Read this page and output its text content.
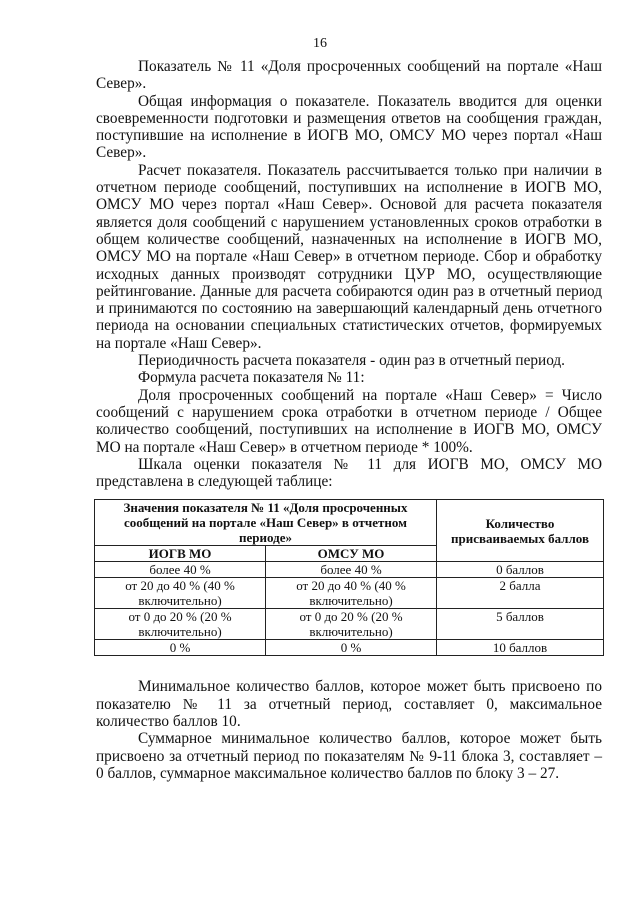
16

Показатель № 11 «Доля просроченных сообщений на портале «Наш Север».

Общая информация о показателе. Показатель вводится для оценки своевременности подготовки и размещения ответов на сообщения граждан, поступившие на исполнение в ИОГВ МО, ОМСУ МО через портал «Наш Север».

Расчет показателя. Показатель рассчитывается только при наличии в отчетном периоде сообщений, поступивших на исполнение в ИОГВ МО, ОМСУ МО через портал «Наш Север». Основой для расчета показателя является доля сообщений с нарушением установленных сроков отработки в общем количестве сообщений, назначенных на исполнение в ИОГВ МО, ОМСУ МО на портале «Наш Север» в отчетном периоде. Сбор и обработку исходных данных производят сотрудники ЦУР МО, осуществляющие рейтингование. Данные для расчета собираются один раз в отчетный период и принимаются по состоянию на завершающий календарный день отчетного периода на основании специальных статистических отчетов, формируемых на портале «Наш Север».

Периодичность расчета показателя - один раз в отчетный период.

Формула расчета показателя № 11:

Доля просроченных сообщений на портале «Наш Север» = Число сообщений с нарушением срока отработки в отчетном периоде / Общее количество сообщений, поступивших на исполнение в ИОГВ МО, ОМСУ МО на портале «Наш Север» в отчетном периоде * 100%.

Шкала оценки показателя № 11 для ИОГВ МО, ОМСУ МО представлена в следующей таблице:

Значения показателя № 11 «Доля просроченных сообщений на портале «Наш Север» в отчетном периоде»		Количество присваиваемых баллов
ИОГВ МО	ОМСУ МО	
более 40 %	более 40 %	0 баллов
от 20 до 40 % (40 % включительно)	от 20 до 40 % (40 % включительно)	2 балла
от 0 до 20 % (20 % включительно)	от 0 до 20 % (20 % включительно)	5 баллов
0 %	0 %	10 баллов

Минимальное количество баллов, которое может быть присвоено по показателю № 11 за отчетный период, составляет 0, максимальное количество баллов 10.

Суммарное минимальное количество баллов, которое может быть присвоено за отчетный период по показателям № 9-11 блока 3, составляет – 0 баллов, суммарное максимальное количество баллов по блоку 3 – 27.
